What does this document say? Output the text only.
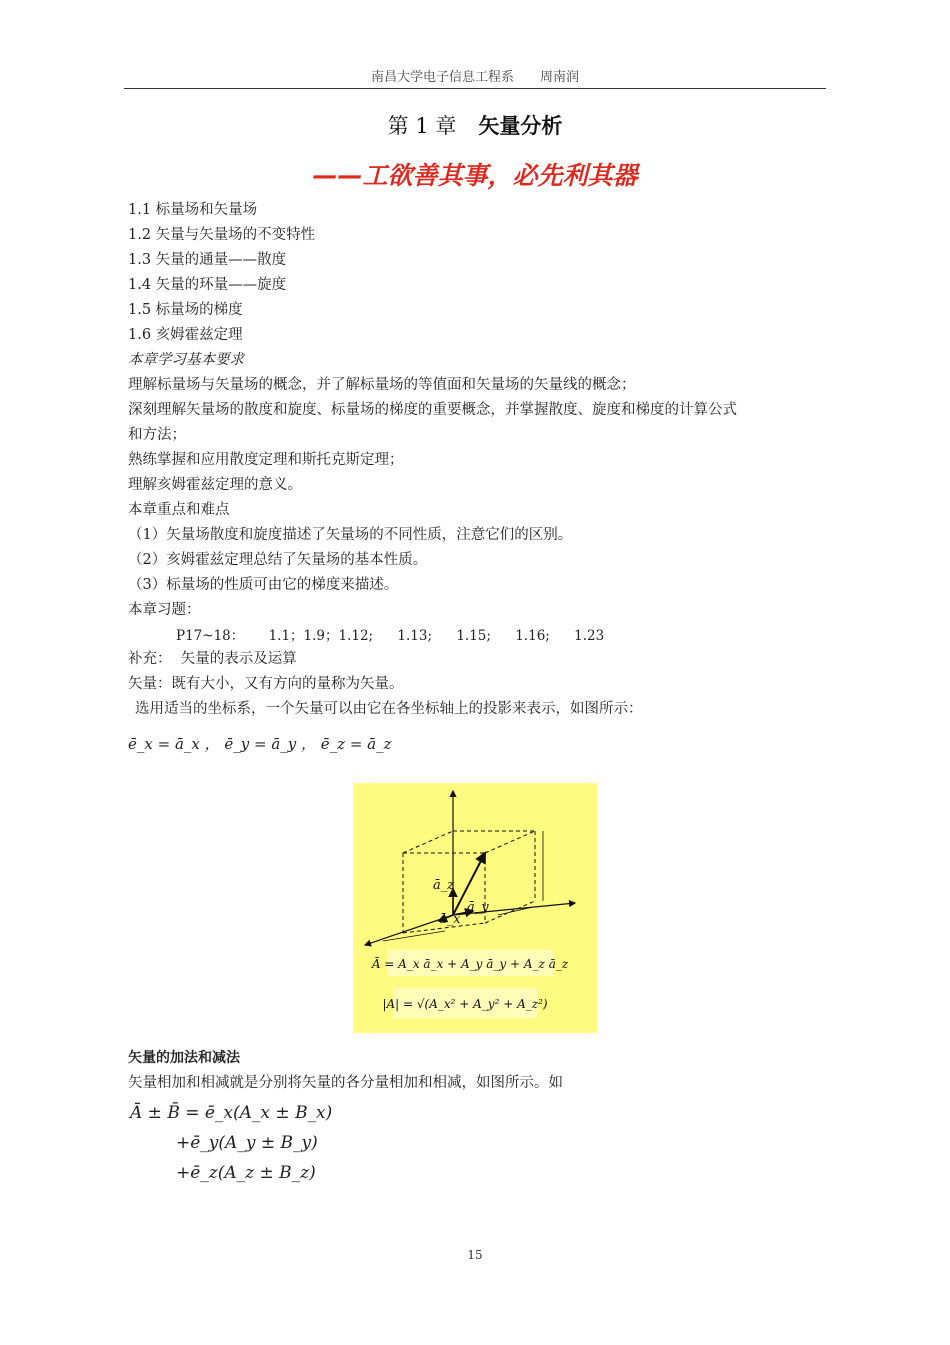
南昌大学电子信息工程系　　周南润
第 1 章 矢量分析
——工欲善其事，必先利其器
1.1 标量场和矢量场
1.2 矢量与矢量场的不变特性
1.3 矢量的通量——散度
1.4 矢量的环量——旋度
1.5 标量场的梯度
1.6 亥姆霍兹定理
本章学习基本要求
理解标量场与矢量场的概念，并了解标量场的等值面和矢量场的矢量线的概念；
深刻理解矢量场的散度和旋度、标量场的梯度的重要概念，并掌握散度、旋度和梯度的计算公式
和方法；
熟练掌握和应用散度定理和斯托克斯定理；
理解亥姆霍兹定理的意义。
本章重点和难点
（1）矢量场散度和旋度描述了矢量场的不同性质，注意它们的区别。
（2）亥姆霍兹定理总结了矢量场的基本性质。
（3）标量场的性质可由它的梯度来描述。
本章习题：
P17~18： 1.1；1.9；1.12; 1.13; 1.15; 1.16; 1.23
补充： 矢量的表示及运算
矢量：既有大小，又有方向的量称为矢量。
选用适当的坐标系，一个矢量可以由它在各坐标轴上的投影来表示，如图所示：
ē_x = ā_x ， ē_y = ā_y ， ē_z = ā_z
ā_z
ā_y
ā_x
Ā = A_x ā_x + A_y ā_y + A_z ā_z
|A| = √(A_x² + A_y² + A_z²)
矢量的加法和减法
矢量相加和相减就是分别将矢量的各分量相加和相减，如图所示。如
Ā ± B̄ = ē_x(A_x ± B_x)
+ē_y(A_y ± B_y)
+ē_z(A_z ± B_z)
15
